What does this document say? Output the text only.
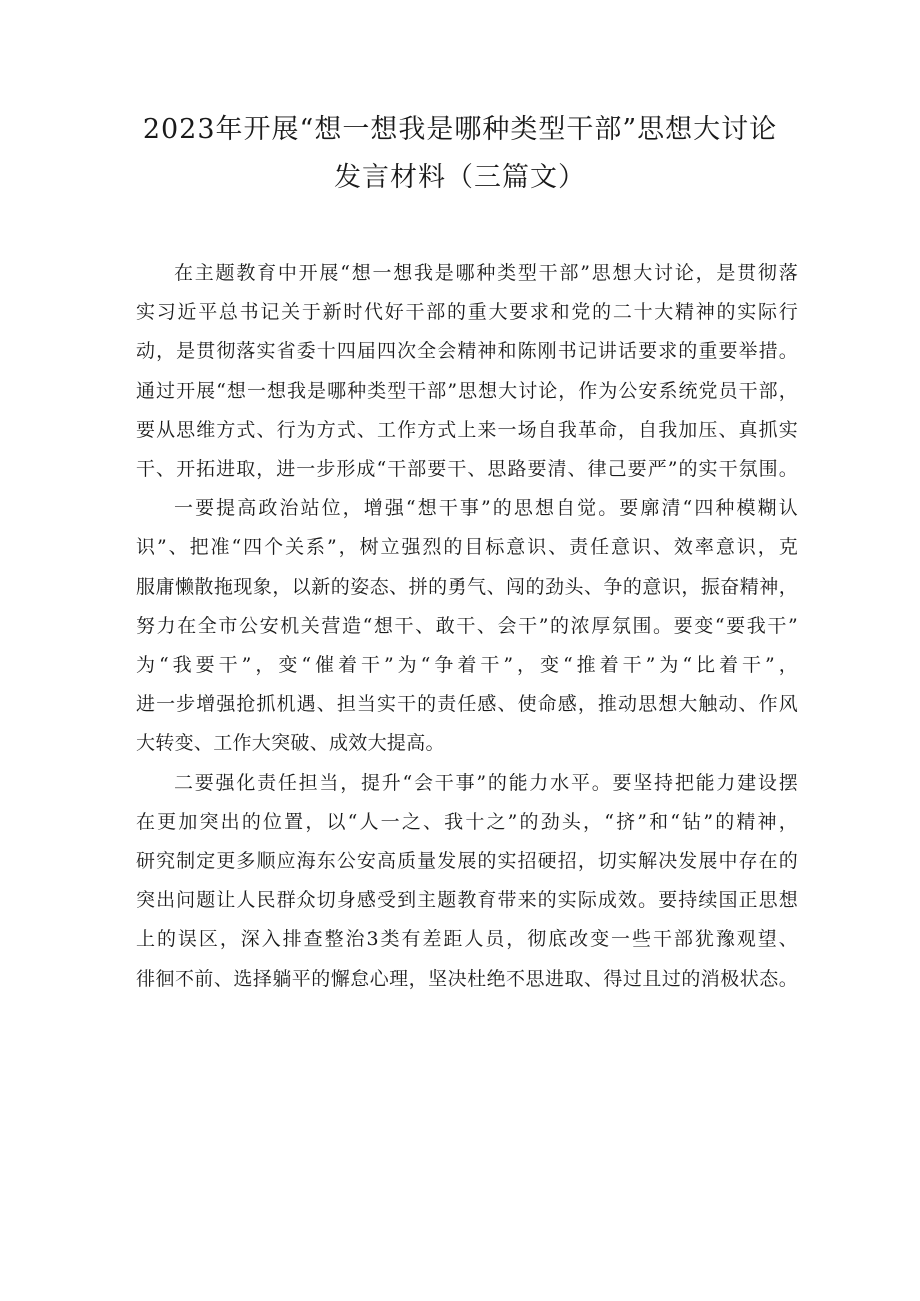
2023年开展“想一想我是哪种类型干部”思想大讨论
发言材料（三篇文）

在主题教育中开展“想一想我是哪种类型干部”思想大讨论，是贯彻落
实习近平总书记关于新时代好干部的重大要求和党的二十大精神的实际行
动，是贯彻落实省委十四届四次全会精神和陈刚书记讲话要求的重要举措。
通过开展“想一想我是哪种类型干部”思想大讨论，作为公安系统党员干部，
要从思维方式、行为方式、工作方式上来一场自我革命，自我加压、真抓实
干、开拓进取，进一步形成“干部要干、思路要清、律己要严”的实干氛围。

一要提高政治站位，增强“想干事”的思想自觉。要廓清“四种模糊认
识”、把准“四个关系”，树立强烈的目标意识、责任意识、效率意识，克
服庸懒散拖现象，以新的姿态、拼的勇气、闯的劲头、争的意识，振奋精神，
努力在全市公安机关营造“想干、敢干、会干”的浓厚氛围。要变“要我干”
为“我要干”，变“催着干”为“争着干”，变“推着干”为“比着干”，
进一步增强抢抓机遇、担当实干的责任感、使命感，推动思想大触动、作风
大转变、工作大突破、成效大提高。

二要强化责任担当，提升“会干事”的能力水平。要坚持把能力建设摆
在更加突出的位置，以“人一之、我十之”的劲头，“挤”和“钻”的精神，
研究制定更多顺应海东公安高质量发展的实招硬招，切实解决发展中存在的
突出问题让人民群众切身感受到主题教育带来的实际成效。要持续国正思想
上的误区，深入排查整治3类有差距人员，彻底改变一些干部犹豫观望、
徘徊不前、选择躺平的懈怠心理，坚决杜绝不思进取、得过且过的消极状态。
